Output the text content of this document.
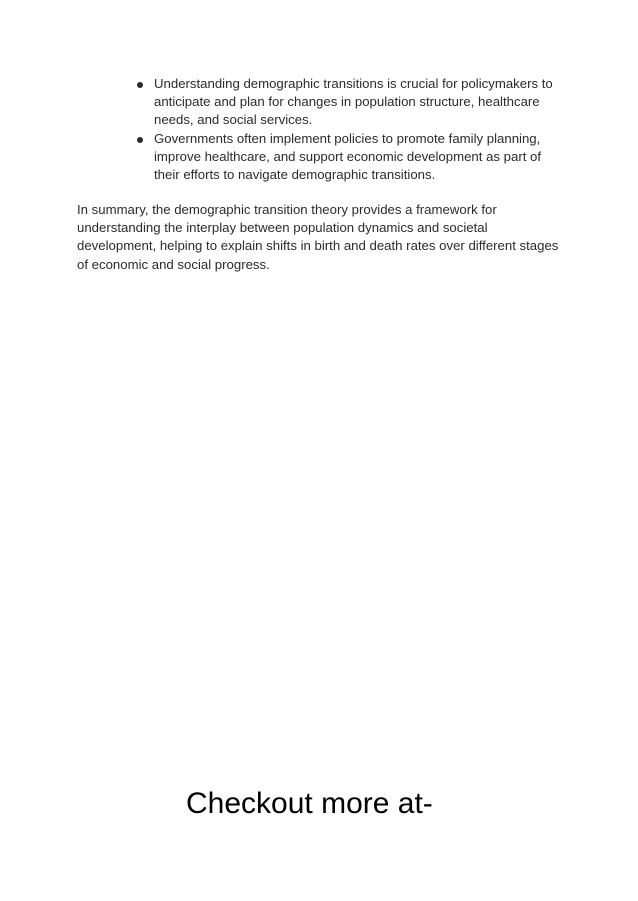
Understanding demographic transitions is crucial for policymakers to anticipate and plan for changes in population structure, healthcare needs, and social services.
Governments often implement policies to promote family planning, improve healthcare, and support economic development as part of their efforts to navigate demographic transitions.

In summary, the demographic transition theory provides a framework for understanding the interplay between population dynamics and societal development, helping to explain shifts in birth and death rates over different stages of economic and social progress.

Checkout more at-
